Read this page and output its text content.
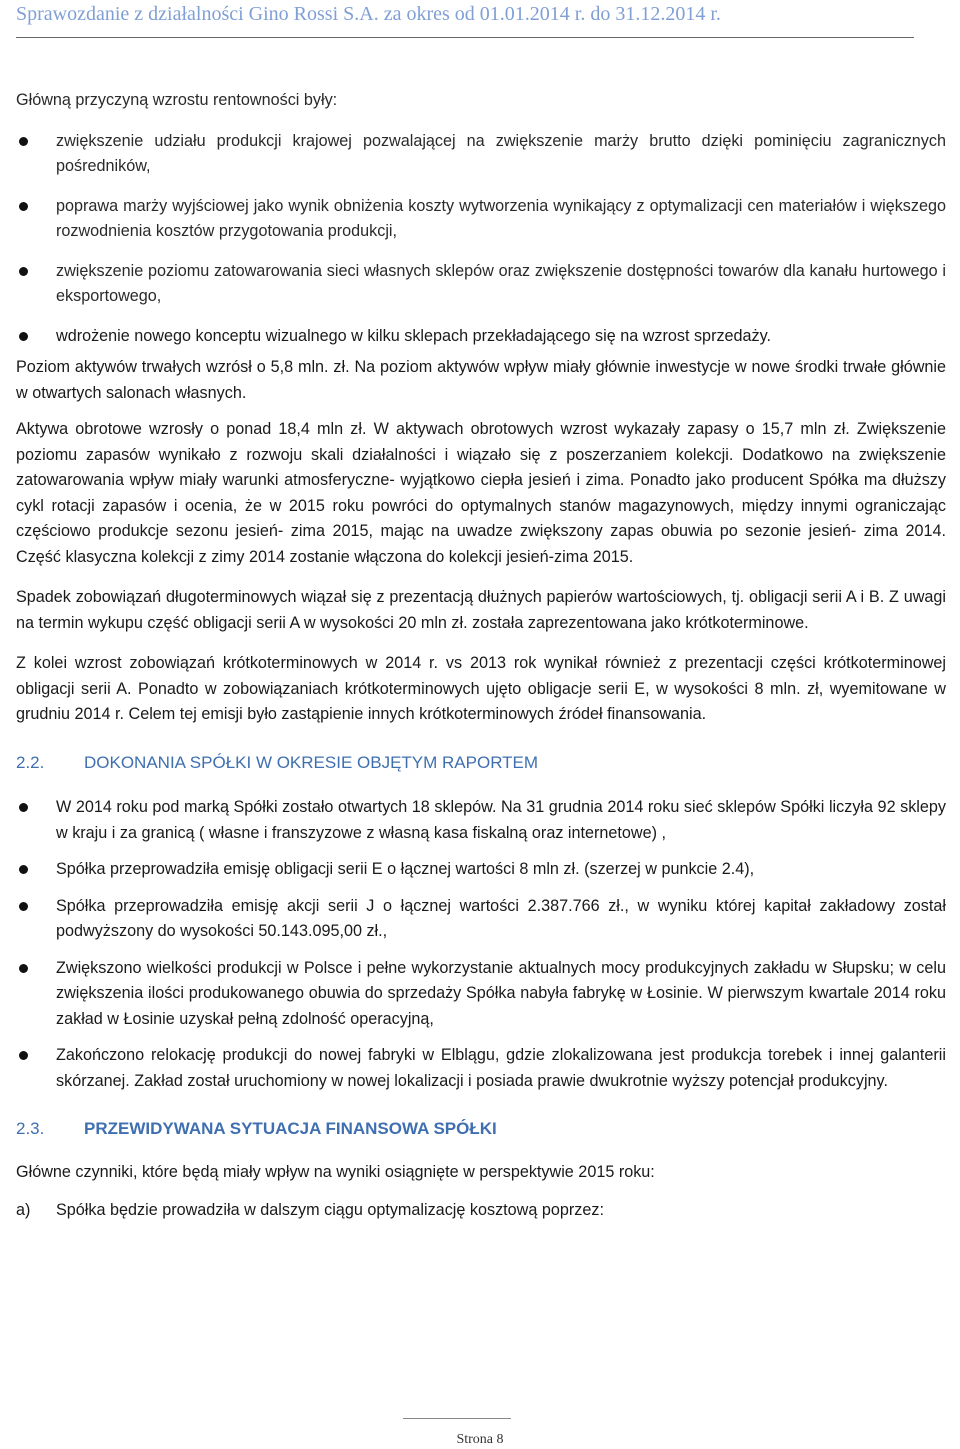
Sprawozdanie z działalności Gino Rossi S.A. za okres od 01.01.2014 r. do 31.12.2014 r.

Główną przyczyną wzrostu rentowności były:

zwiększenie udziału produkcji krajowej pozwalającej na zwiększenie marży brutto dzięki pominięciu zagranicznych pośredników,
poprawa marży wyjściowej jako wynik obniżenia koszty wytworzenia wynikający z optymalizacji cen materiałów i większego rozwodnienia kosztów przygotowania produkcji,
zwiększenie poziomu zatowarowania sieci własnych sklepów oraz zwiększenie dostępności towarów dla kanału hurtowego i eksportowego,
wdrożenie nowego konceptu wizualnego w kilku sklepach przekładającego się na wzrost sprzedaży.

Poziom aktywów trwałych wzrósł o 5,8 mln. zł. Na poziom aktywów wpływ miały głównie inwestycje w nowe środki trwałe głównie w otwartych salonach własnych.

Aktywa obrotowe wzrosły o ponad 18,4 mln zł. W aktywach obrotowych wzrost wykazały zapasy o 15,7 mln zł. Zwiększenie poziomu zapasów wynikało z rozwoju skali działalności i wiązało się z poszerzaniem kolekcji. Dodatkowo na zwiększenie zatowarowania wpływ miały warunki atmosferyczne- wyjątkowo ciepła jesień i zima. Ponadto jako producent Spółka ma dłuższy cykl rotacji zapasów i ocenia, że w 2015 roku powróci do optymalnych stanów magazynowych, między innymi ograniczając częściowo produkcje sezonu jesień- zima 2015, mając na uwadze zwiększony zapas obuwia po sezonie jesień- zima 2014. Część klasyczna kolekcji z zimy 2014 zostanie włączona do kolekcji jesień-zima 2015.

Spadek zobowiązań długoterminowych wiązał się z prezentacją dłużnych papierów wartościowych, tj. obligacji serii A i B. Z uwagi na termin wykupu część obligacji serii A w wysokości 20 mln zł. została zaprezentowana jako krótkoterminowe.

Z kolei wzrost zobowiązań krótkoterminowych w 2014 r. vs 2013 rok wynikał również z prezentacji części krótkoterminowej obligacji serii A. Ponadto w zobowiązaniach krótkoterminowych ujęto obligacje serii E, w wysokości 8 mln. zł, wyemitowane w grudniu 2014 r. Celem tej emisji było zastąpienie innych krótkoterminowych źródeł finansowania.

2.2.	DOKONANIA SPÓŁKI W OKRESIE OBJĘTYM RAPORTEM
W 2014 roku pod marką Spółki zostało otwartych 18 sklepów. Na 31 grudnia 2014 roku sieć sklepów Spółki liczyła 92 sklepy w kraju i za granicą ( własne i franszyzowe z własną kasa fiskalną oraz internetowe) ,
Spółka przeprowadziła emisję obligacji serii E o łącznej wartości 8 mln zł. (szerzej w punkcie 2.4),
Spółka przeprowadziła emisję akcji serii J o łącznej wartości 2.387.766 zł., w wyniku której kapitał zakładowy został podwyższony do wysokości 50.143.095,00 zł.,
Zwiększono wielkości produkcji w Polsce i pełne wykorzystanie aktualnych mocy produkcyjnych zakładu w Słupsku; w celu zwiększenia ilości produkowanego obuwia do sprzedaży Spółka nabyła fabrykę w Łosinie. W pierwszym kwartale 2014 roku zakład w Łosinie uzyskał pełną zdolność operacyjną,
Zakończono relokację produkcji do nowej fabryki w Elblągu, gdzie zlokalizowana jest produkcja torebek i innej galanterii skórzanej. Zakład został uruchomiony w nowej lokalizacji i posiada prawie dwukrotnie wyższy potencjał produkcyjny.
2.3.	PRZEWIDYWANA SYTUACJA FINANSOWA SPÓŁKI

Główne czynniki, które będą miały wpływ na wyniki osiągnięte w perspektywie 2015 roku:

a)	Spółka będzie prowadziła w dalszym ciągu optymalizację kosztową poprzez:
Strona 8
